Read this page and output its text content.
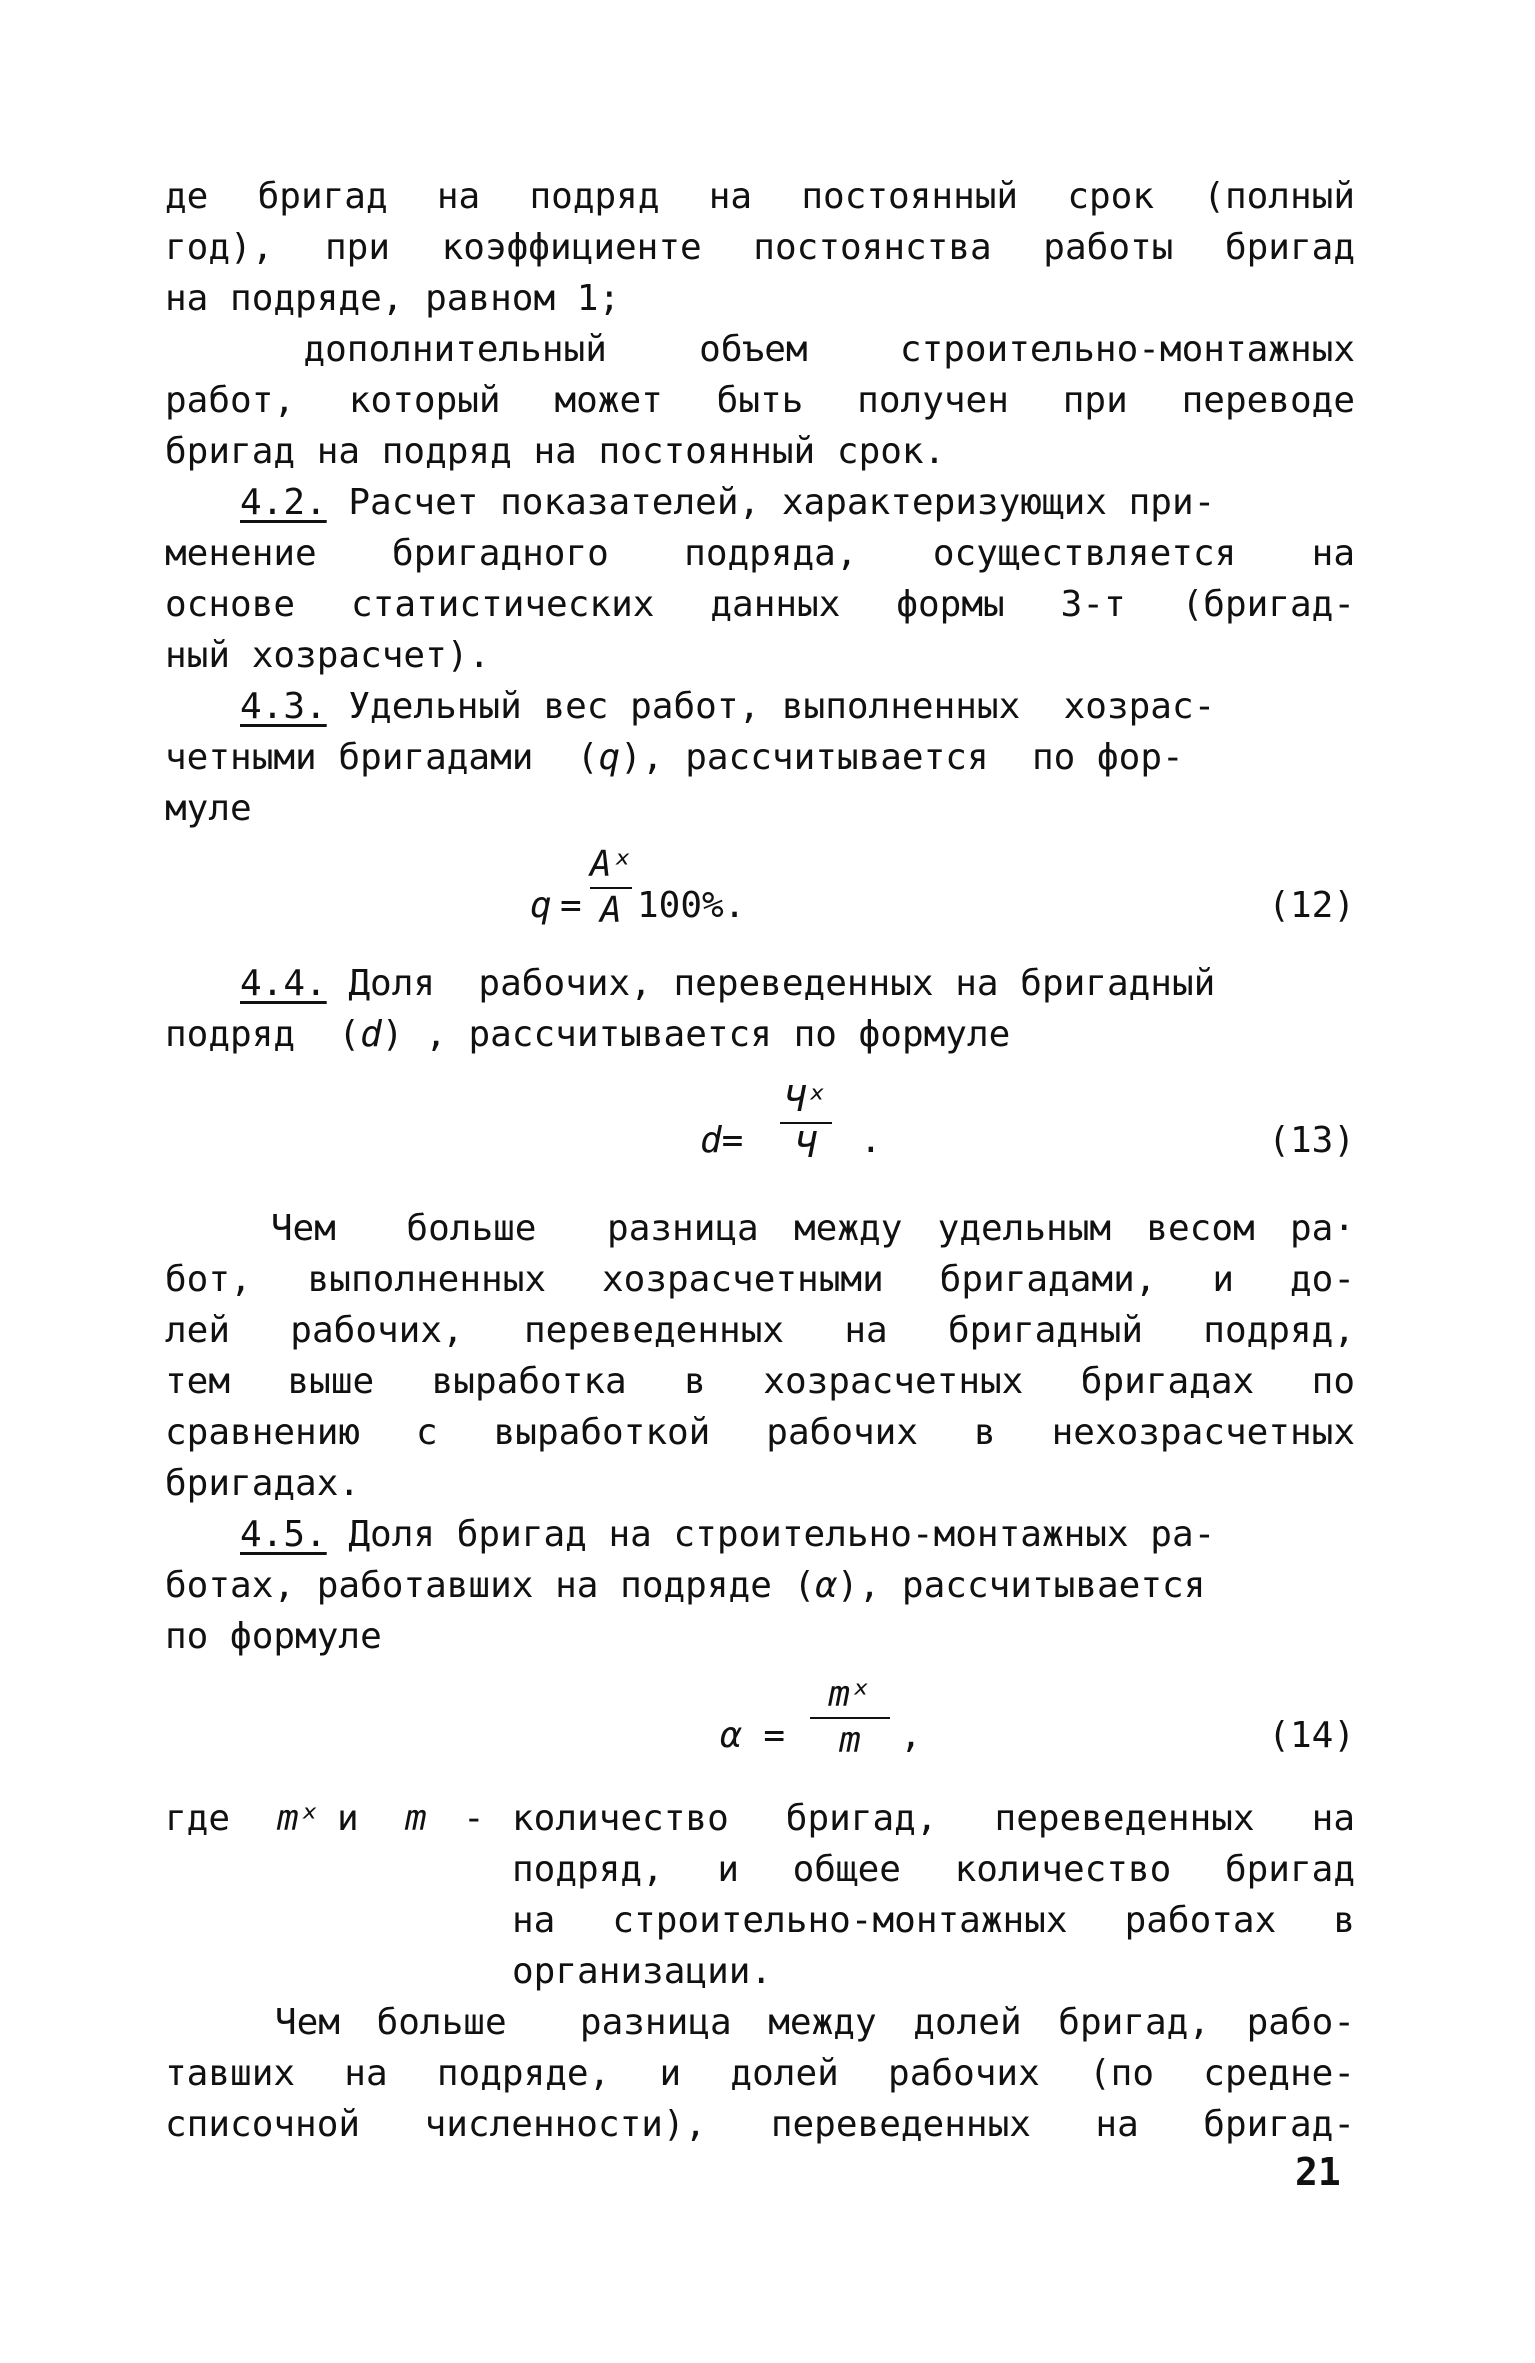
де бригад на подряд на постоянный срок (полный
год), при коэффициенте постоянства работы бригад
на подряде, равном 1;
дополнительный  объем  строительно-монтажных
работ, который может быть получен при переводе
бригад на подряд на постоянный срок.
4.2. Расчет показателей, характеризующих при-
менение бригадного подряда, осуществляется на
основе статистических данных формы 3-т (бригад-
ный хозрасчет).
4.3. Удельный вес работ, выполненных  хозрас-
четными бригадами  (q), рассчитывается  по фор-
муле
q =
Aˣ
A 100%.	(12)
4.4. Доля  рабочих, переведенных на бригадный
подряд  (d) , рассчитывается по формуле
d=
Чˣ
Ч	.	(13)
Чем  больше  разница между удельным весом ра·
бот, выполненных хозрасчетными бригадами, и до-
лей рабочих, переведенных на бригадный подряд,
тем выше выработка в хозрасчетных бригадах по
сравнению с выработкой рабочих в нехозрасчетных
бригадах.
4.5. Доля бригад на строительно-монтажных ра-
ботах, работавших на подряде (α), рассчитывается
по формуле
α =
mˣ
m	,	(14)
где	mˣ и m - количество бригад, переведенных на
подряд, и общее количество бригад
на строительно-монтажных работах в
организации.
Чем больше  разница между долей бригад, рабо-
тавших на подряде, и долей рабочих (по средне-
списочной численности), переведенных на бригад-
21
